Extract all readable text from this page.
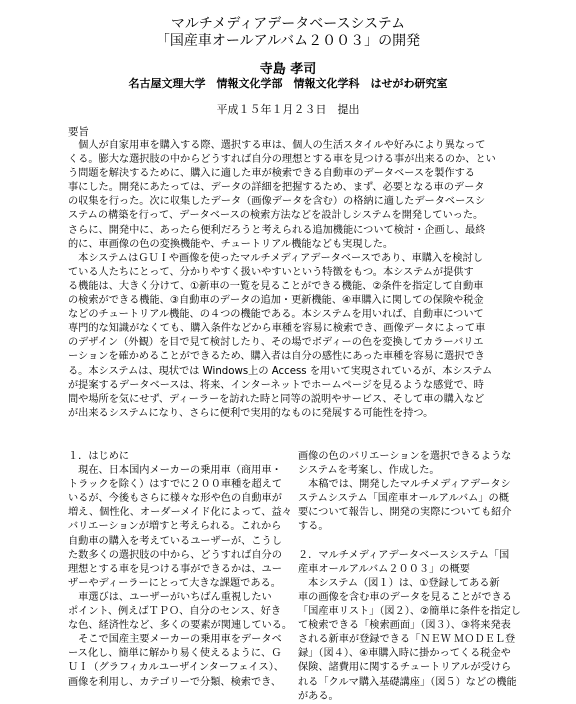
マルチメディアデータベースシステム
「国産車オールアルバム２００３」の開発
寺島 孝司
名古屋文理大学　情報文化学部　情報文化学科　はせがわ研究室
平成１５年１月２３日　提出
要旨
　個人が自家用車を購入する際、選択する車は、個人の生活スタイルや好みにより異なって
くる。膨大な選択肢の中からどうすれば自分の理想とする車を見つける事が出来るのか、とい
う問題を解決するために、購入に適した車が検索できる自動車のデータベースを製作する
事にした。開発にあたっては、データの詳細を把握するため、まず、必要となる車のデータ
の収集を行った。次に収集したデータ（画像データを含む）の格納に適したデータベースシ
ステムの構築を行って、データベースの検索方法などを設計しシステムを開発していった。
さらに、開発中に、あったら便利だろうと考えられる追加機能について検討・企画し、最終
的に、車画像の色の変換機能や、チュートリアル機能なども実現した。
　本システムはＧＵＩや画像を使ったマルチメディアデータベースであり、車購入を検討し
ている人たちにとって、分かりやすく扱いやすいという特徴をもつ。本システムが提供す
る機能は、大きく分けて、①新車の一覧を見ることができる機能、②条件を指定して自動車
の検索ができる機能、③自動車のデータの追加・更新機能、④車購入に関しての保険や税金
などのチュートリアル機能、の４つの機能である。本システムを用いれば、自動車について
専門的な知識がなくても、購入条件などから車種を容易に検索でき、画像データによって車
のデザイン（外観）を目で見て検討したり、その場でボディーの色を変換してカラーバリエ
ーションを確かめることができるため、購入者は自分の感性にあった車種を容易に選択でき
る。本システムは、現状では Windows上の Access を用いて実現されているが、本システム
が提案するデータベースは、将来、インターネットでホームページを見るような感覚で、時
間や場所を気にせず、ディーラーを訪れた時と同等の説明やサービス、そして車の購入など
が出来るシステムになり、さらに便利で実用的なものに発展する可能性を持つ。
１．はじめに
　現在、日本国内メーカーの乗用車（商用車・
トラックを除く）はすでに２００車種を超えて
いるが、今後もさらに様々な形や色の自動車が
増え、個性化、オーダーメイド化によって、益々
バリエーションが増すと考えられる。これから
自動車の購入を考えているユーザーが、こうし
た数多くの選択肢の中から、どうすれば自分の
理想とする車を見つける事ができるかは、ユー
ザーやディーラーにとって大きな課題である。
　車選びは、ユーザーがいちばん重視したい
ポイント、例えばＴＰＯ、自分のセンス、好き
な色、経済性など、多くの要素が関連している。
　そこで国産主要メーカーの乗用車をデータベ
ース化し、簡単に解かり易く使えるように、Ｇ
ＵＩ（グラフィカルユーザインターフェイス）、
画像を利用し、カテゴリーで分類、検索でき、
画像の色のバリエーションを選択できるような
システムを考案し、作成した。
　本稿では、開発したマルチメディアデータシ
ステムシステム「国産車オールアルバム」の概
要について報告し、開発の実際についても紹介
する。

２．マルチメディアデータベースシステム「国
産車オールアルバム２００３」の概要
　本システム（図１）は、①登録してある新
車の画像を含む車のデータを見ることができる
「国産車リスト」（図２）、②簡単に条件を指定し
て検索できる「検索画面」（図３）、③将来発表
される新車が登録できる「ＮＥＷ ＭＯＤＥＬ登
録」（図４）、④車購入時に掛かってくる税金や
保険、諸費用に関するチュートリアルが受けら
れる「クルマ購入基礎講座」（図５）などの機能
がある。
